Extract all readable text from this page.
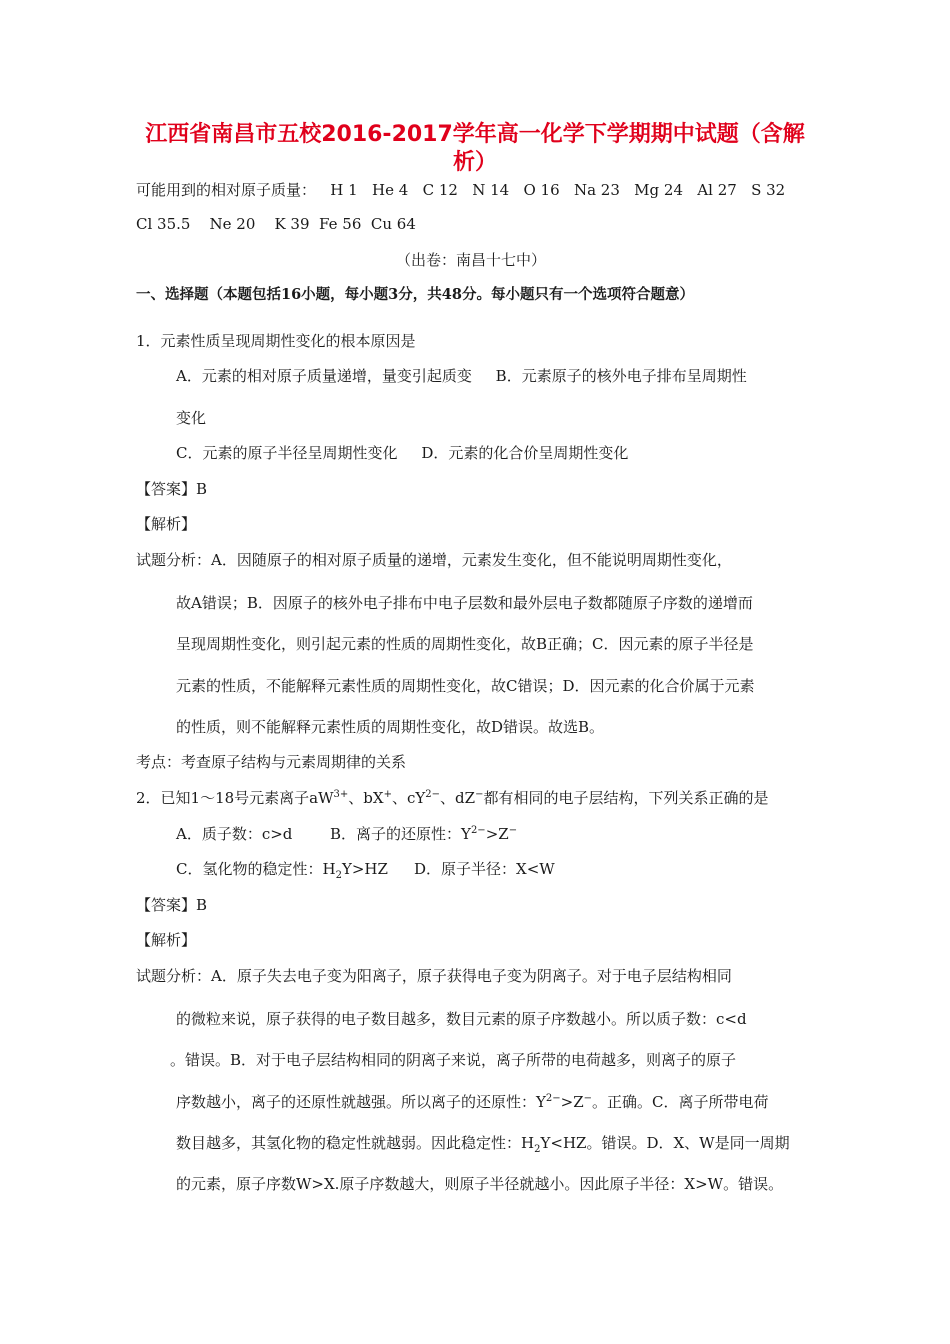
江西省南昌市五校2016-2017学年高一化学下学期期中试题（含解
析）
可能用到的相对原子质量：   H 1   He 4   C 12   N 14   O 16   Na 23   Mg 24   Al 27   S 32
Cl 35.5    Ne 20    K 39  Fe 56  Cu 64
（出卷：南昌十七中）
一、选择题（本题包括16小题，每小题3分，共48分。每小题只有一个选项符合题意）
1．元素性质呈现周期性变化的根本原因是
A．元素的相对原子质量递增，量变引起质变     B．元素原子的核外电子排布呈周期性
变化
C．元素的原子半径呈周期性变化     D．元素的化合价呈周期性变化
【答案】B
【解析】
试题分析：A．因随原子的相对原子质量的递增，元素发生变化，但不能说明周期性变化，
故A错误；B．因原子的核外电子排布中电子层数和最外层电子数都随原子序数的递增而
呈现周期性变化，则引起元素的性质的周期性变化，故B正确；C．因元素的原子半径是
元素的性质，不能解释元素性质的周期性变化，故C错误；D．因元素的化合价属于元素
的性质，则不能解释元素性质的周期性变化，故D错误。故选B。
考点：考查原子结构与元素周期律的关系
2．已知1～18号元素离子$aW^{3+}$、bX+、$cY^{2-}$、dZ−都有相同的电子层结构，下列关系正确的是
A．质子数：c>d	B．离子的还原性：$Y^{2-}>Z^-$
C．氢化物的稳定性：$H_2Y>HZ$ D．原子半径：X<W
【答案】B
【解析】
试题分析：A．原子失去电子变为阳离子，原子获得电子变为阴离子。对于电子层结构相同
的微粒来说，原子获得的电子数目越多，数目元素的原子序数越小。所以质子数：c<d
。错误。B．对于电子层结构相同的阴离子来说，离子所带的电荷越多，则离子的原子
序数越小，离子的还原性就越强。所以离子的还原性：$Y^{2-}>Z^-$。正确。C．离子所带电荷
数目越多，其氢化物的稳定性就越弱。因此稳定性：$H_2Y<HZ$。错误。D．X、W是同一周期
的元素，原子序数W>X.原子序数越大，则原子半径就越小。因此原子半径：X>W。错误。
